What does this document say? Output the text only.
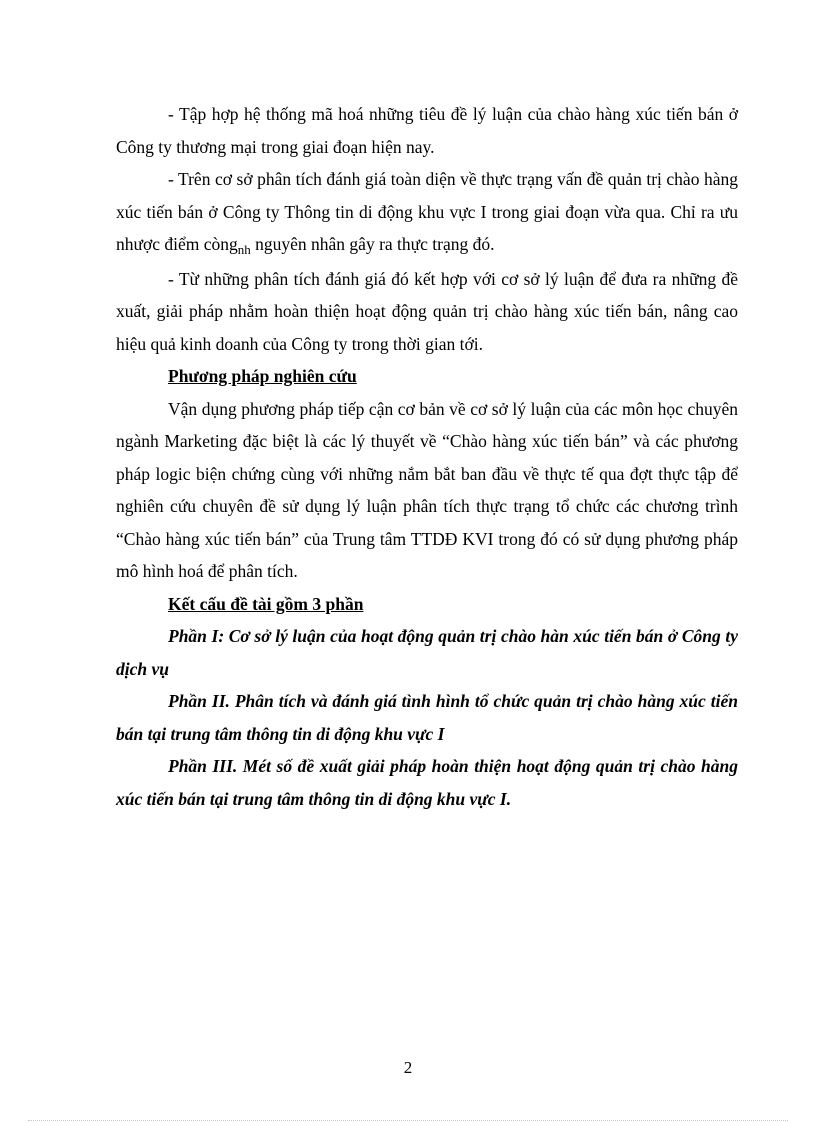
- Tập hợp hệ thống mã hoá những tiêu đề lý luận của chào hàng xúc tiến bán ở Công ty thương mại trong giai đoạn hiện nay.

- Trên cơ sở phân tích đánh giá toàn diện về thực trạng vấn đề quản trị chào hàng xúc tiến bán ở Công ty Thông tin di động khu vực I trong giai đoạn vừa qua. Chỉ ra ưu nhược điểm còng$_{nh}$ nguyên nhân gây ra thực trạng đó.

- Từ những phân tích đánh giá đó kết hợp với cơ sở lý luận để đưa ra những đề xuất, giải pháp nhằm hoàn thiện hoạt động quản trị chào hàng xúc tiến bán, nâng cao hiệu quả kinh doanh của Công ty trong thời gian tới.

Phương pháp nghiên cứu

Vận dụng phương pháp tiếp cận cơ bản về cơ sở lý luận của các môn học chuyên ngành Marketing đặc biệt là các lý thuyết về “Chào hàng xúc tiến bán” và các phương pháp logic biện chứng cùng với những nắm bắt ban đầu về thực tế qua đợt thực tập để nghiên cứu chuyên đề sử dụng lý luận phân tích thực trạng tổ chức các chương trình “Chào hàng xúc tiến bán” của Trung tâm TTDĐ KVI trong đó có sử dụng phương pháp mô hình hoá để phân tích.

Kết cấu đề tài gồm 3 phần

Phần I: Cơ sở lý luận của hoạt động quản trị chào hàn xúc tiến bán ở Công ty dịch vụ

Phần II. Phân tích và đánh giá tình hình tổ chức quản trị chào hàng xúc tiến bán tại trung tâm thông tin di động khu vực I

Phần III. Mét số đề xuất giải pháp hoàn thiện hoạt động quản trị chào hàng xúc tiến bán tại trung tâm thông tin di động khu vực I.

2
